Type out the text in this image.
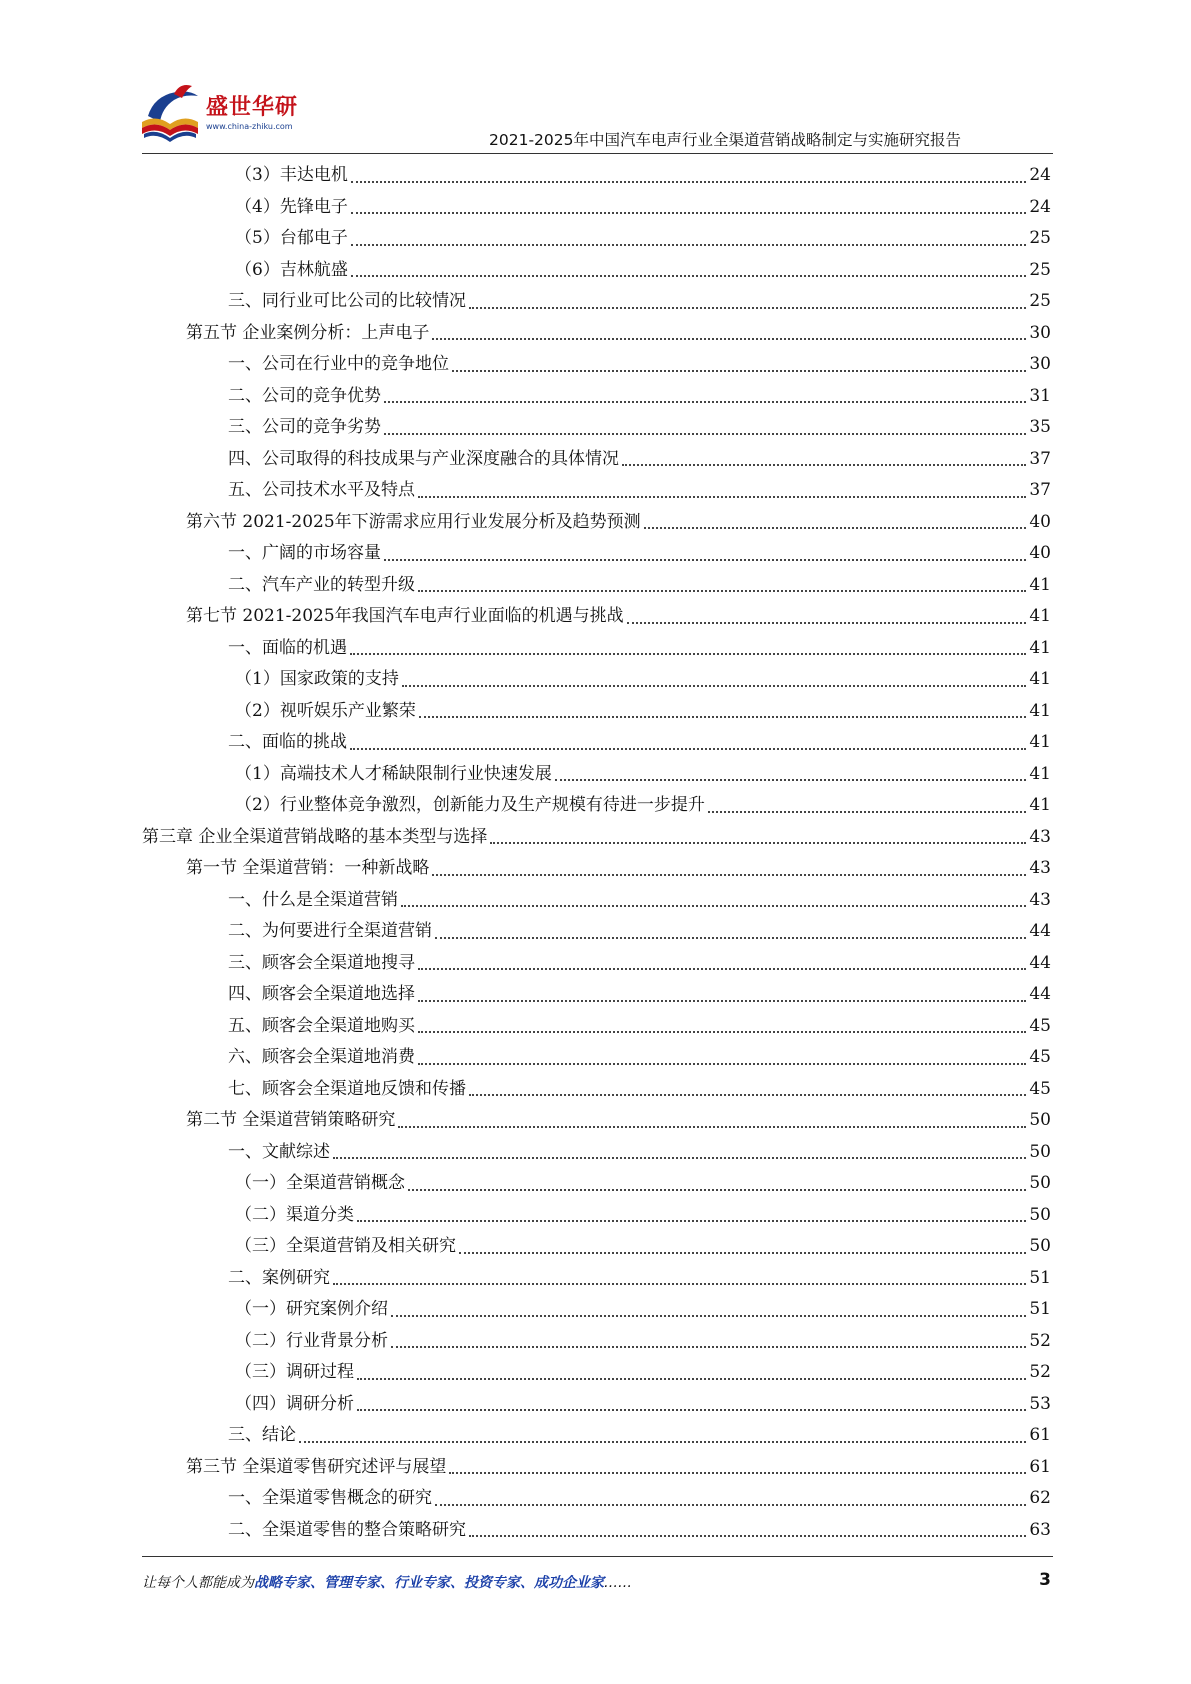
盛世华研
www.china-zhiku.com
2021-2025年中国汽车电声行业全渠道营销战略制定与实施研究报告
（3）丰达电机	24
（4）先锋电子	24
（5）台郁电子	25
（6）吉林航盛	25
三、同行业可比公司的比较情况	25
第五节 企业案例分析：上声电子	30
一、公司在行业中的竞争地位	30
二、公司的竞争优势	31
三、公司的竞争劣势	35
四、公司取得的科技成果与产业深度融合的具体情况	37
五、公司技术水平及特点	37
第六节 2021-2025年下游需求应用行业发展分析及趋势预测	40
一、广阔的市场容量	40
二、汽车产业的转型升级	41
第七节 2021-2025年我国汽车电声行业面临的机遇与挑战	41
一、面临的机遇	41
（1）国家政策的支持	41
（2）视听娱乐产业繁荣	41
二、面临的挑战	41
（1）高端技术人才稀缺限制行业快速发展	41
（2）行业整体竞争激烈，创新能力及生产规模有待进一步提升	41
第三章 企业全渠道营销战略的基本类型与选择	43
第一节 全渠道营销：一种新战略	43
一、什么是全渠道营销	43
二、为何要进行全渠道营销	44
三、顾客会全渠道地搜寻	44
四、顾客会全渠道地选择	44
五、顾客会全渠道地购买	45
六、顾客会全渠道地消费	45
七、顾客会全渠道地反馈和传播	45
第二节 全渠道营销策略研究	50
一、文献综述	50
（一）全渠道营销概念	50
（二）渠道分类	50
（三）全渠道营销及相关研究	50
二、案例研究	51
（一）研究案例介绍	51
（二）行业背景分析	52
（三）调研过程	52
（四）调研分析	53
三、结论	61
第三节 全渠道零售研究述评与展望	61
一、全渠道零售概念的研究	62
二、全渠道零售的整合策略研究	63
让每个人都能成为战略专家、管理专家、行业专家、投资专家、成功企业家……	3
